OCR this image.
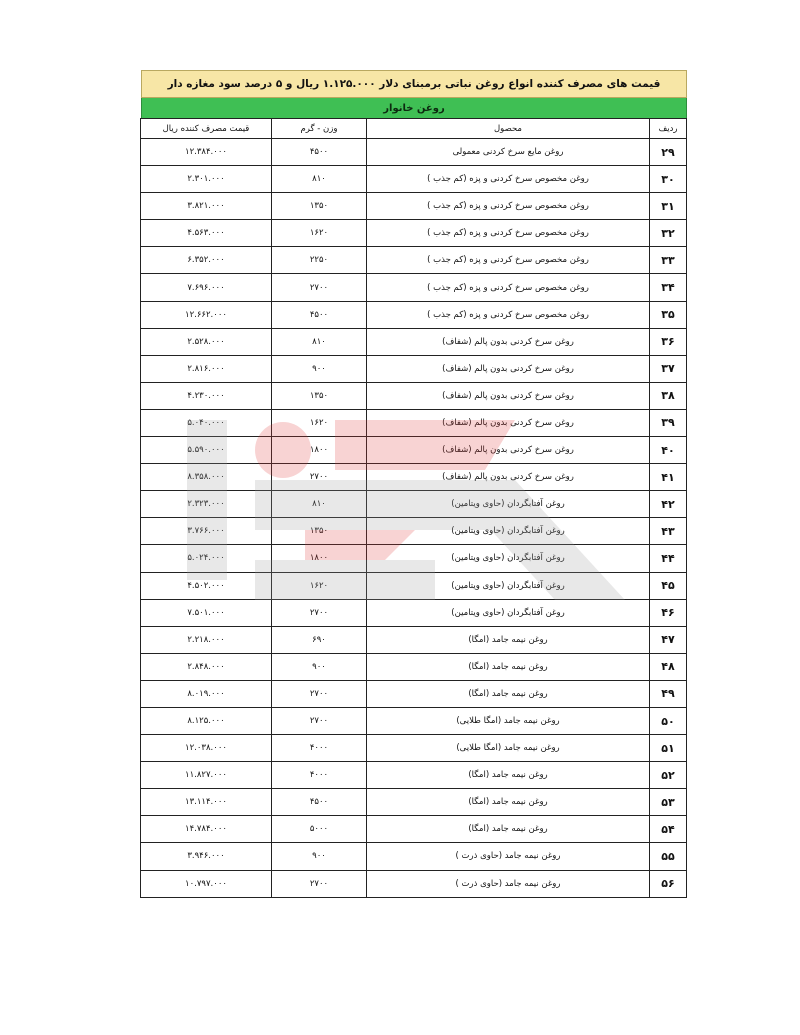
قیمت های مصرف کننده انواع روغن نباتی برمبنای دلار ۱.۱۲۵.۰۰۰ ریال و ۵ درصد سود مغازه دار
روغن خانوار
ردیف	محصول	وزن - گرم	قیمت مصرف کننده ریال
۲۹	روغن مایع سرخ کردنی معمولی	۴۵۰۰	۱۲.۳۸۴.۰۰۰
۳۰	روغن مخصوص سرخ کردنی و پزه (کم جذب )	۸۱۰	۲.۳۰۱.۰۰۰
۳۱	روغن مخصوص سرخ کردنی و پزه (کم جذب )	۱۳۵۰	۳.۸۲۱.۰۰۰
۳۲	روغن مخصوص سرخ کردنی و پزه (کم جذب )	۱۶۲۰	۴.۵۶۳.۰۰۰
۳۳	روغن مخصوص سرخ کردنی و پزه (کم جذب )	۲۲۵۰	۶.۳۵۲.۰۰۰
۳۴	روغن مخصوص سرخ کردنی و پزه (کم جذب )	۲۷۰۰	۷.۶۹۶.۰۰۰
۳۵	روغن مخصوص سرخ کردنی و پزه (کم جذب )	۴۵۰۰	۱۲.۶۶۲.۰۰۰
۳۶	روغن سرخ کردنی بدون پالم (شفاف)	۸۱۰	۲.۵۲۸.۰۰۰
۳۷	روغن سرخ کردنی بدون پالم (شفاف)	۹۰۰	۲.۸۱۶.۰۰۰
۳۸	روغن سرخ کردنی بدون پالم (شفاف)	۱۳۵۰	۴.۲۳۰.۰۰۰
۳۹	روغن سرخ کردنی بدون پالم (شفاف)	۱۶۲۰	۵.۰۴۰.۰۰۰
۴۰	روغن سرخ کردنی بدون پالم (شفاف)	۱۸۰۰	۵.۵۹۰.۰۰۰
۴۱	روغن سرخ کردنی بدون پالم (شفاف)	۲۷۰۰	۸.۳۵۸.۰۰۰
۴۲	روغن آفتابگردان (حاوی ویتامین)	۸۱۰	۲.۳۲۳.۰۰۰
۴۳	روغن آفتابگردان (حاوی ویتامین)	۱۳۵۰	۳.۷۶۶.۰۰۰
۴۴	روغن آفتابگردان (حاوی ویتامین)	۱۸۰۰	۵.۰۲۴.۰۰۰
۴۵	روغن آفتابگردان (حاوی ویتامین)	۱۶۲۰	۴.۵۰۲.۰۰۰
۴۶	روغن آفتابگردان (حاوی ویتامین)	۲۷۰۰	۷.۵۰۱.۰۰۰
۴۷	روغن نیمه جامد (امگا)	۶۹۰	۲.۲۱۸.۰۰۰
۴۸	روغن نیمه جامد (امگا)	۹۰۰	۲.۸۴۸.۰۰۰
۴۹	روغن نیمه جامد (امگا)	۲۷۰۰	۸.۰۱۹.۰۰۰
۵۰	روغن نیمه جامد (امگا طلایی)	۲۷۰۰	۸.۱۲۵.۰۰۰
۵۱	روغن نیمه جامد (امگا طلایی)	۴۰۰۰	۱۲.۰۳۸.۰۰۰
۵۲	روغن نیمه جامد (امگا)	۴۰۰۰	۱۱.۸۲۷.۰۰۰
۵۳	روغن نیمه جامد (امگا)	۴۵۰۰	۱۳.۱۱۴.۰۰۰
۵۴	روغن نیمه جامد (امگا)	۵۰۰۰	۱۴.۷۸۴.۰۰۰
۵۵	روغن نیمه جامد (حاوی ذرت )	۹۰۰	۳.۹۴۶.۰۰۰
۵۶	روغن نیمه جامد (حاوی ذرت )	۲۷۰۰	۱۰.۷۹۷.۰۰۰
